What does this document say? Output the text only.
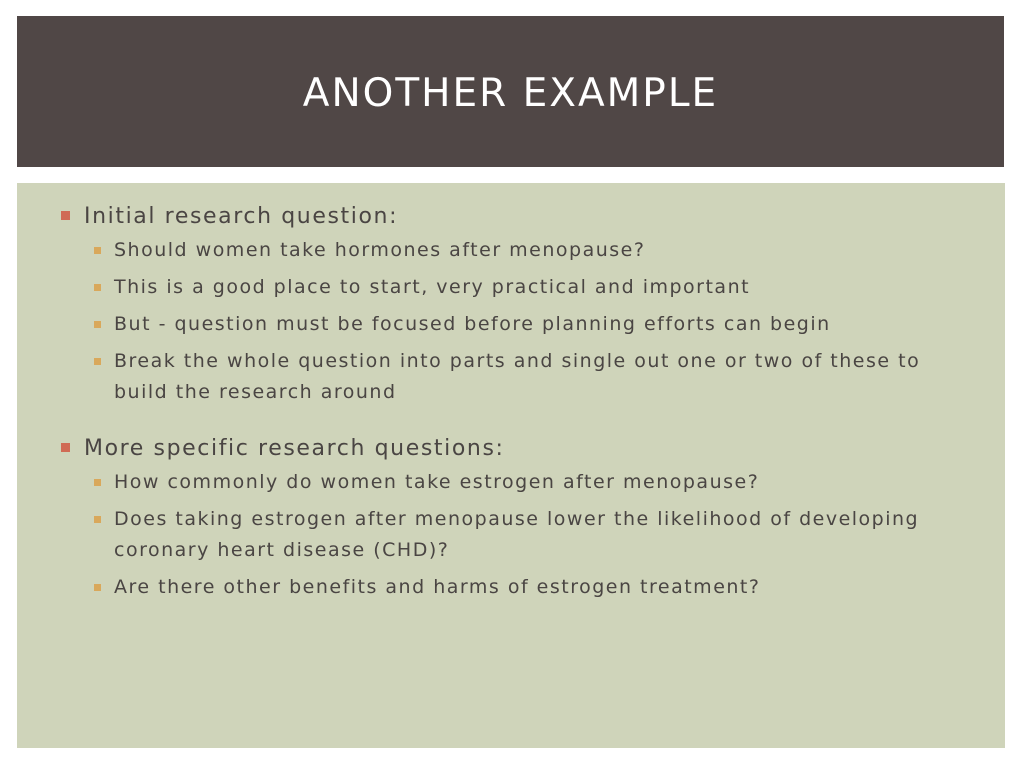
ANOTHER EXAMPLE
Initial research question:
Should women take hormones after menopause?
This is a good place to start, very practical and important
But - question must be focused before planning efforts can begin
Break the whole question into parts and single out one or two of these to build the research around
More specific research questions:
How commonly do women take estrogen after menopause?
Does taking estrogen after menopause lower the likelihood of developing coronary heart disease (CHD)?
Are there other benefits and harms of estrogen treatment?
